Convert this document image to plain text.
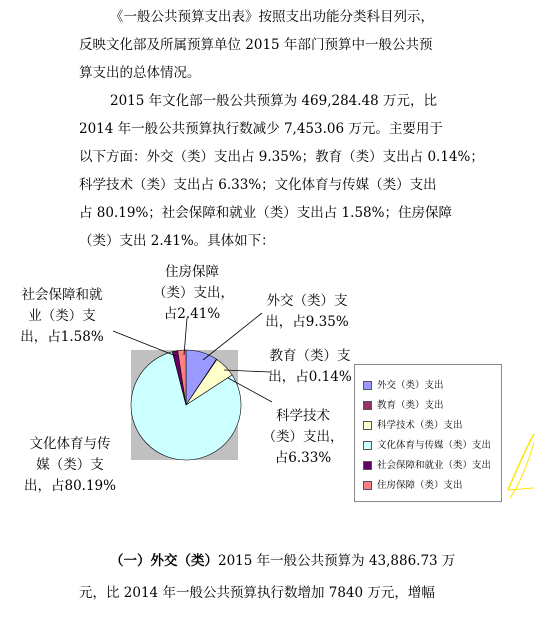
《一般公共预算支出表》按照支出功能分类科目列示，
反映文化部及所属预算单位 2015 年部门预算中一般公共预
算支出的总体情况。
2015 年文化部一般公共预算为 469,284.48 万元，比
2014 年一般公共预算执行数减少 7,453.06 万元。主要用于
以下方面：外交（类）支出占 9.35%；教育（类）支出占 0.14%；
科学技术（类）支出占 6.33%；文化体育与传媒（类）支出
占 80.19%；社会保障和就业（类）支出占 1.58%；住房保障
（类）支出 2.41%。具体如下：
住房保障
（类）支出，
占2.41%
社会保障和就
业（类）支
出，占1.58%
外交（类）支
出，占9.35%
教育（类）支
出，占0.14%
科学技术
（类）支出，
占6.33%
文化体育与传
媒（类）支
出，占80.19%
外交（类）支出
教育（类）支出
科学技术（类）支出
文化体育与传媒（类）支出
社会保障和就业（类）支出
住房保障（类）支出
（一）外交（类）2015 年一般公共预算为 43,886.73 万
元，比 2014 年一般公共预算执行数增加 7840 万元，增幅
